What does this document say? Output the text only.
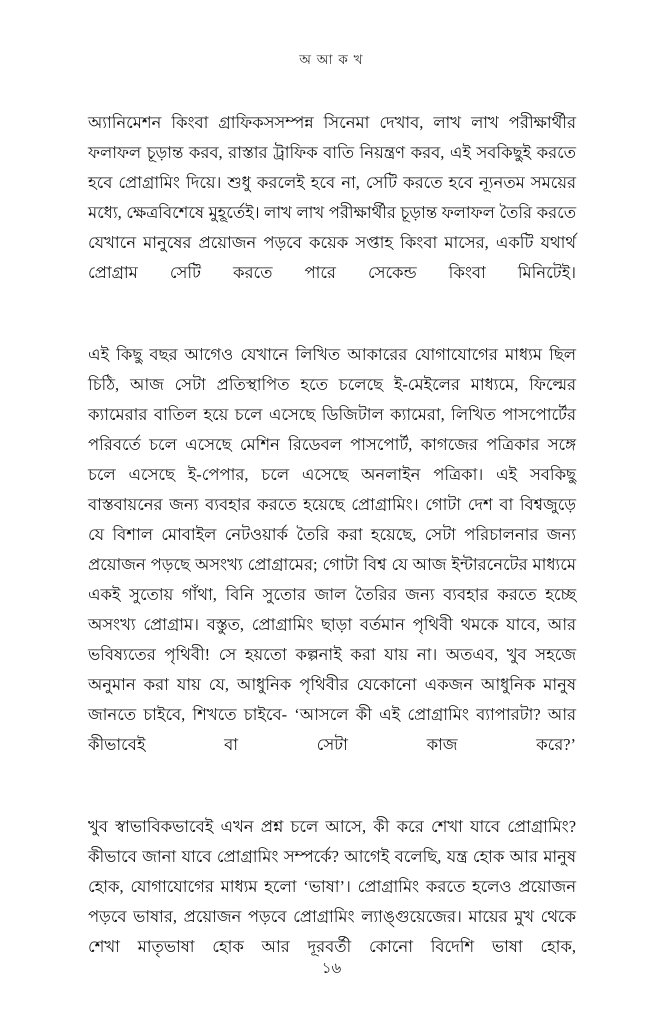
অ আ ক খ

অ্যানিমেশন কিংবা গ্রাফিকসসম্পন্ন সিনেমা দেখাব, লাখ লাখ পরীক্ষার্থীর ফলাফল চূড়ান্ত করব, রাস্তার ট্রাফিক বাতি নিয়ন্ত্রণ করব, এই সবকিছুই করতে হবে প্রোগ্রামিং দিয়ে। শুধু করলেই হবে না, সেটি করতে হবে ন্যূনতম সময়ের মধ্যে, ক্ষেত্রবিশেষে মুহূর্তেই। লাখ লাখ পরীক্ষার্থীর চূড়ান্ত ফলাফল তৈরি করতে যেখানে মানুষের প্রয়োজন পড়বে কয়েক সপ্তাহ কিংবা মাসের, একটি যথার্থ প্রোগ্রাম সেটি করতে পারে সেকেন্ড কিংবা মিনিটেই।

এই কিছু বছর আগেও যেখানে লিখিত আকারের যোগাযোগের মাধ্যম ছিল চিঠি, আজ সেটা প্রতিস্থাপিত হতে চলেছে ই-মেইলের মাধ্যমে, ফিল্মের ক্যামেরার বাতিল হয়ে চলে এসেছে ডিজিটাল ক্যামেরা, লিখিত পাসপোর্টের পরিবর্তে চলে এসেছে মেশিন রিডেবল পাসপোর্ট, কাগজের পত্রিকার সঙ্গে চলে এসেছে ই-পেপার, চলে এসেছে অনলাইন পত্রিকা। এই সবকিছু বাস্তবায়নের জন্য ব্যবহার করতে হয়েছে প্রোগ্রামিং। গোটা দেশ বা বিশ্বজুড়ে যে বিশাল মোবাইল নেটওয়ার্ক তৈরি করা হয়েছে, সেটা পরিচালনার জন্য প্রয়োজন পড়ছে অসংখ্য প্রোগ্রামের; গোটা বিশ্ব যে আজ ইন্টারনেটের মাধ্যমে একই সুতোয় গাঁথা, বিনি সুতোর জাল তৈরির জন্য ব্যবহার করতে হচ্ছে অসংখ্য প্রোগ্রাম। বস্তুত, প্রোগ্রামিং ছাড়া বর্তমান পৃথিবী থমকে যাবে, আর ভবিষ্যতের পৃথিবী! সে হয়তো কল্পনাই করা যায় না। অতএব, খুব সহজে অনুমান করা যায় যে, আধুনিক পৃথিবীর যেকোনো একজন আধুনিক মানুষ জানতে চাইবে, শিখতে চাইবে- ‘আসলে কী এই প্রোগ্রামিং ব্যাপারটা? আর কীভাবেই বা সেটা কাজ করে?’

খুব স্বাভাবিকভাবেই এখন প্রশ্ন চলে আসে, কী করে শেখা যাবে প্রোগ্রামিং? কীভাবে জানা যাবে প্রোগ্রামিং সম্পর্কে? আগেই বলেছি, যন্ত্র হোক আর মানুষ হোক, যোগাযোগের মাধ্যম হলো ‘ভাষা’। প্রোগ্রামিং করতে হলেও প্রয়োজন পড়বে ভাষার, প্রয়োজন পড়বে প্রোগ্রামিং ল্যাঙ্গুয়েজের। মায়ের মুখ থেকে শেখা মাতৃভাষা হোক আর দূরবর্তী কোনো বিদেশি ভাষা হোক,

১৬
